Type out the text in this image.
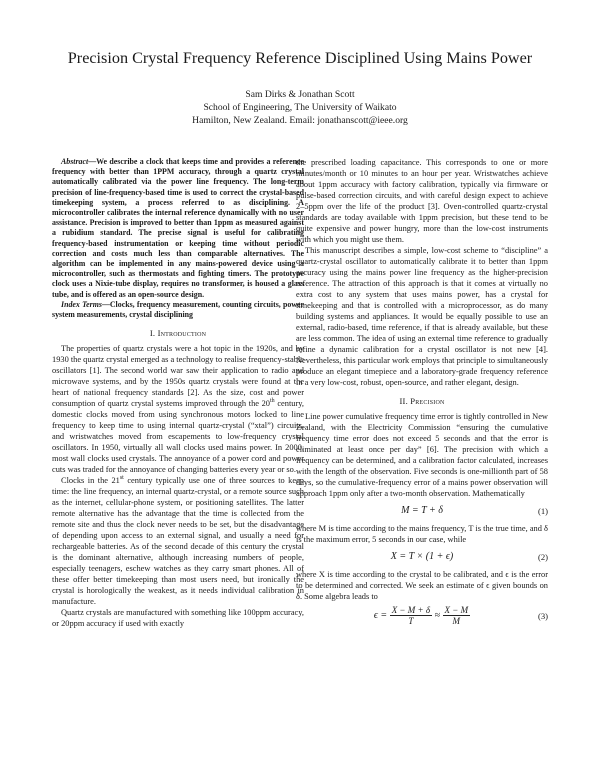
Precision Crystal Frequency Reference Disciplined Using Mains Power
Sam Dirks & Jonathan Scott
School of Engineering, The University of Waikato
Hamilton, New Zealand. Email: jonathanscott@ieee.org

Abstract—We describe a clock that keeps time and provides a reference frequency with better than 1PPM accuracy, through a quartz crystal automatically calibrated via the power line frequency. The long-term precision of line-frequency-based time is used to correct the crystal-based timekeeping system, a process referred to as disciplining. A microcontroller calibrates the internal reference dynamically with no user assistance. Precision is improved to better than 1ppm as measured against a rubidium standard. The precise signal is useful for calibrating frequency-based instrumentation or keeping time without periodic correction and costs much less than comparable alternatives. The algorithm can be implemented in any mains-powered device using a microcontroller, such as thermostats and fighting timers. The prototype clock uses a Nixie-tube display, requires no transformer, is housed a glass tube, and is offered as an open-source design.

Index Terms—Clocks, frequency measurement, counting circuits, power system measurements, crystal disciplining

I. Introduction

The properties of quartz crystals were a hot topic in the 1920s, and by 1930 the quartz crystal emerged as a technology to realise frequency-stable oscillators [1]. The second world war saw their application to radio and microwave systems, and by the 1950s quartz crystals were found at the heart of national frequency standards [2]. As the size, cost and power consumption of quartz crystal systems improved through the 20th century, domestic clocks moved from using synchronous motors locked to line frequency to keep time to using internal quartz-crystal (“xtal”) circuits, and wristwatches moved from escapements to low-frequency crystal oscillators. In 1950, virtually all wall clocks used mains power. In 2000, most wall clocks used crystals. The annoyance of a power cord and power cuts was traded for the annoyance of changing batteries every year or so.

Clocks in the 21st century typically use one of three sources to keep time: the line frequency, an internal quartz-crystal, or a remote source such as the internet, cellular-phone system, or positioning satellites. The latter remote alternative has the advantage that the time is collected from the remote site and thus the clock never needs to be set, but the disadvantage of depending upon access to an external signal, and usually a need for rechargeable batteries. As of the second decade of this century the crystal is the dominant alternative, although increasing numbers of people, especially teenagers, eschew watches as they carry smart phones. All of these offer better timekeeping than most users need, but ironically the crystal is horologically the weakest, as it needs individual calibration in manufacture.

Quartz crystals are manufactured with something like 100ppm accuracy, or 20ppm accuracy if used with exactly

the prescribed loading capacitance. This corresponds to one or more minutes/month or 10 minutes to an hour per year. Wristwatches achieve about 1ppm accuracy with factory calibration, typically via firmware or pulse-based correction circuits, and with careful design expect to achieve 2–5ppm over the life of the product [3]. Oven-controlled quartz-crystal standards are today available with 1ppm precision, but these tend to be quite expensive and power hungry, more than the low-cost instruments with which you might use them.

This manuscript describes a simple, low-cost scheme to “discipline” a quartz-crystal oscillator to automatically calibrate it to better than 1ppm accuracy using the mains power line frequency as the higher-precision reference. The attraction of this approach is that it comes at virtually no extra cost to any system that uses mains power, has a crystal for timekeeping and that is controlled with a microprocessor, as do many building systems and appliances. It would be equally possible to use an external, radio-based, time reference, if that is already available, but these are less common. The idea of using an external time reference to gradually refine a dynamic calibration for a crystal oscillator is not new [4]. Nevertheless, this particular work employs that principle to simultaneously produce an elegant timepiece and a laboratory-grade frequency reference in a very low-cost, robust, open-source, and rather elegant, design.

II. Precision

Line power cumulative frequency time error is tightly controlled in New Zealand, with the Electricity Commission “ensuring the cumulative frequency time error does not exceed 5 seconds and that the error is eliminated at least once per day” [6]. The precision with which a frequency can be determined, and a calibration factor calculated, increases with the length of the observation. Five seconds is one-millionth part of 58 days, so the cumulative-frequency error of a mains power observation will approach 1ppm only after a two-month observation. Mathematically

M = T + δ	(1)

where M is time according to the mains frequency, T is the true time, and δ is the maximum error, 5 seconds in our case, while

X = T × (1 + ϵ)	(2)

where X is time according to the crystal to be calibrated, and ϵ is the error to be determined and corrected. We seek an estimate of ϵ given bounds on δ. Some algebra leads to

$\epsilon = \frac{X - M + \delta}{T} \approx \frac{X - M}{M}$	(3)
